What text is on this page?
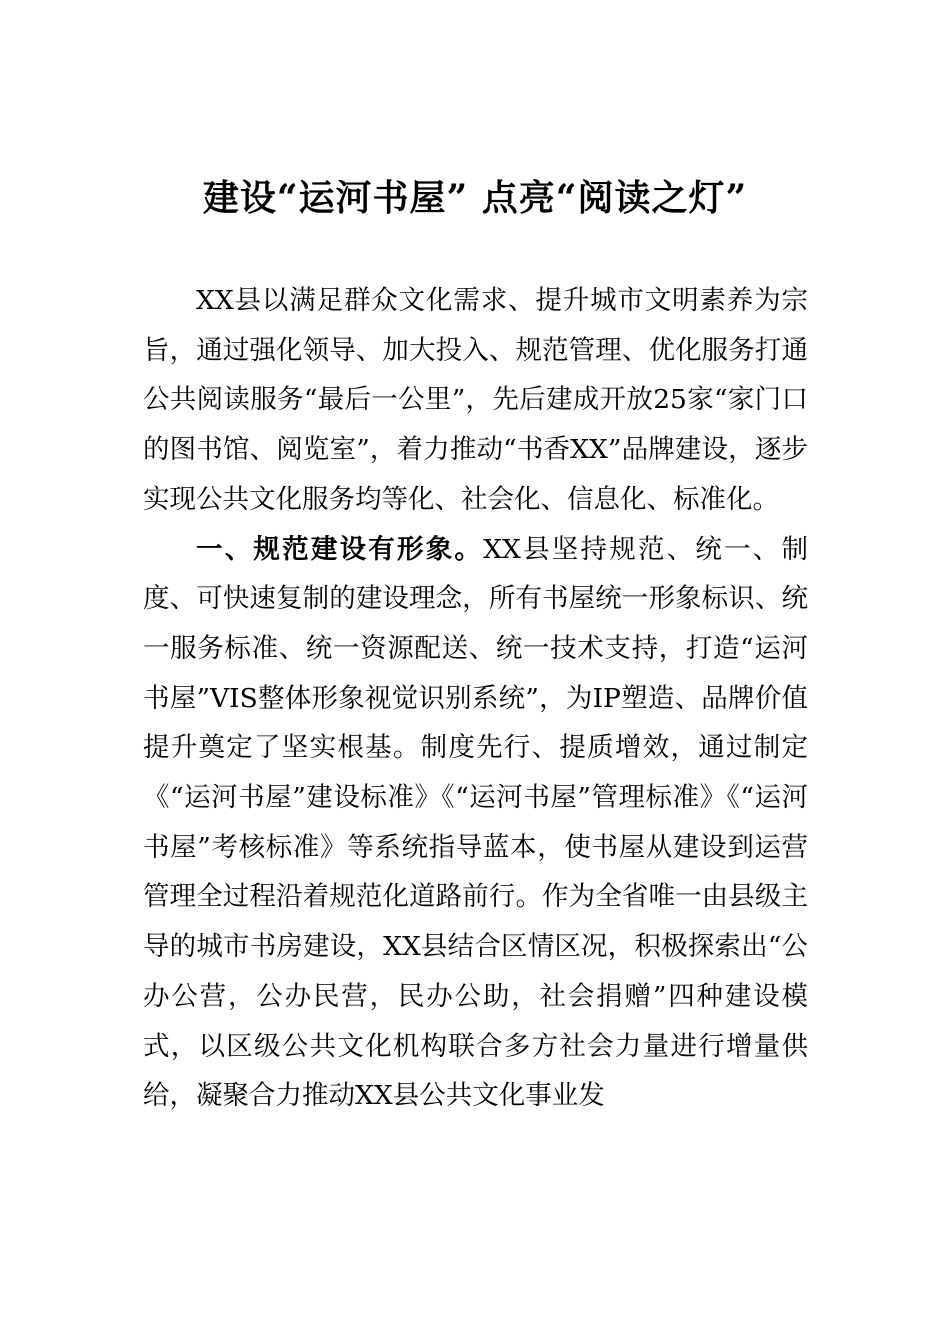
建设“运河书屋” 点亮“阅读之灯”

XX县以满足群众文化需求、提升城市文明素养为宗旨，通过强化领导、加大投入、规范管理、优化服务打通公共阅读服务“最后一公里”，先后建成开放25家“家门口的图书馆、阅览室”，着力推动“书香XX”品牌建设，逐步实现公共文化服务均等化、社会化、信息化、标准化。

一、规范建设有形象。XX县坚持规范、统一、制度、可快速复制的建设理念，所有书屋统一形象标识、统一服务标准、统一资源配送、统一技术支持，打造“运河书屋”VIS整体形象视觉识别系统”，为IP塑造、品牌价值提升奠定了坚实根基。制度先行、提质增效，通过制定《“运河书屋”建设标准》《“运河书屋”管理标准》《“运河书屋”考核标准》等系统指导蓝本，使书屋从建设到运营管理全过程沿着规范化道路前行。作为全省唯一由县级主导的城市书房建设，XX县结合区情区况，积极探索出“公办公营，公办民营，民办公助，社会捐赠”四种建设模式，以区级公共文化机构联合多方社会力量进行增量供给，凝聚合力推动XX县公共文化事业发
